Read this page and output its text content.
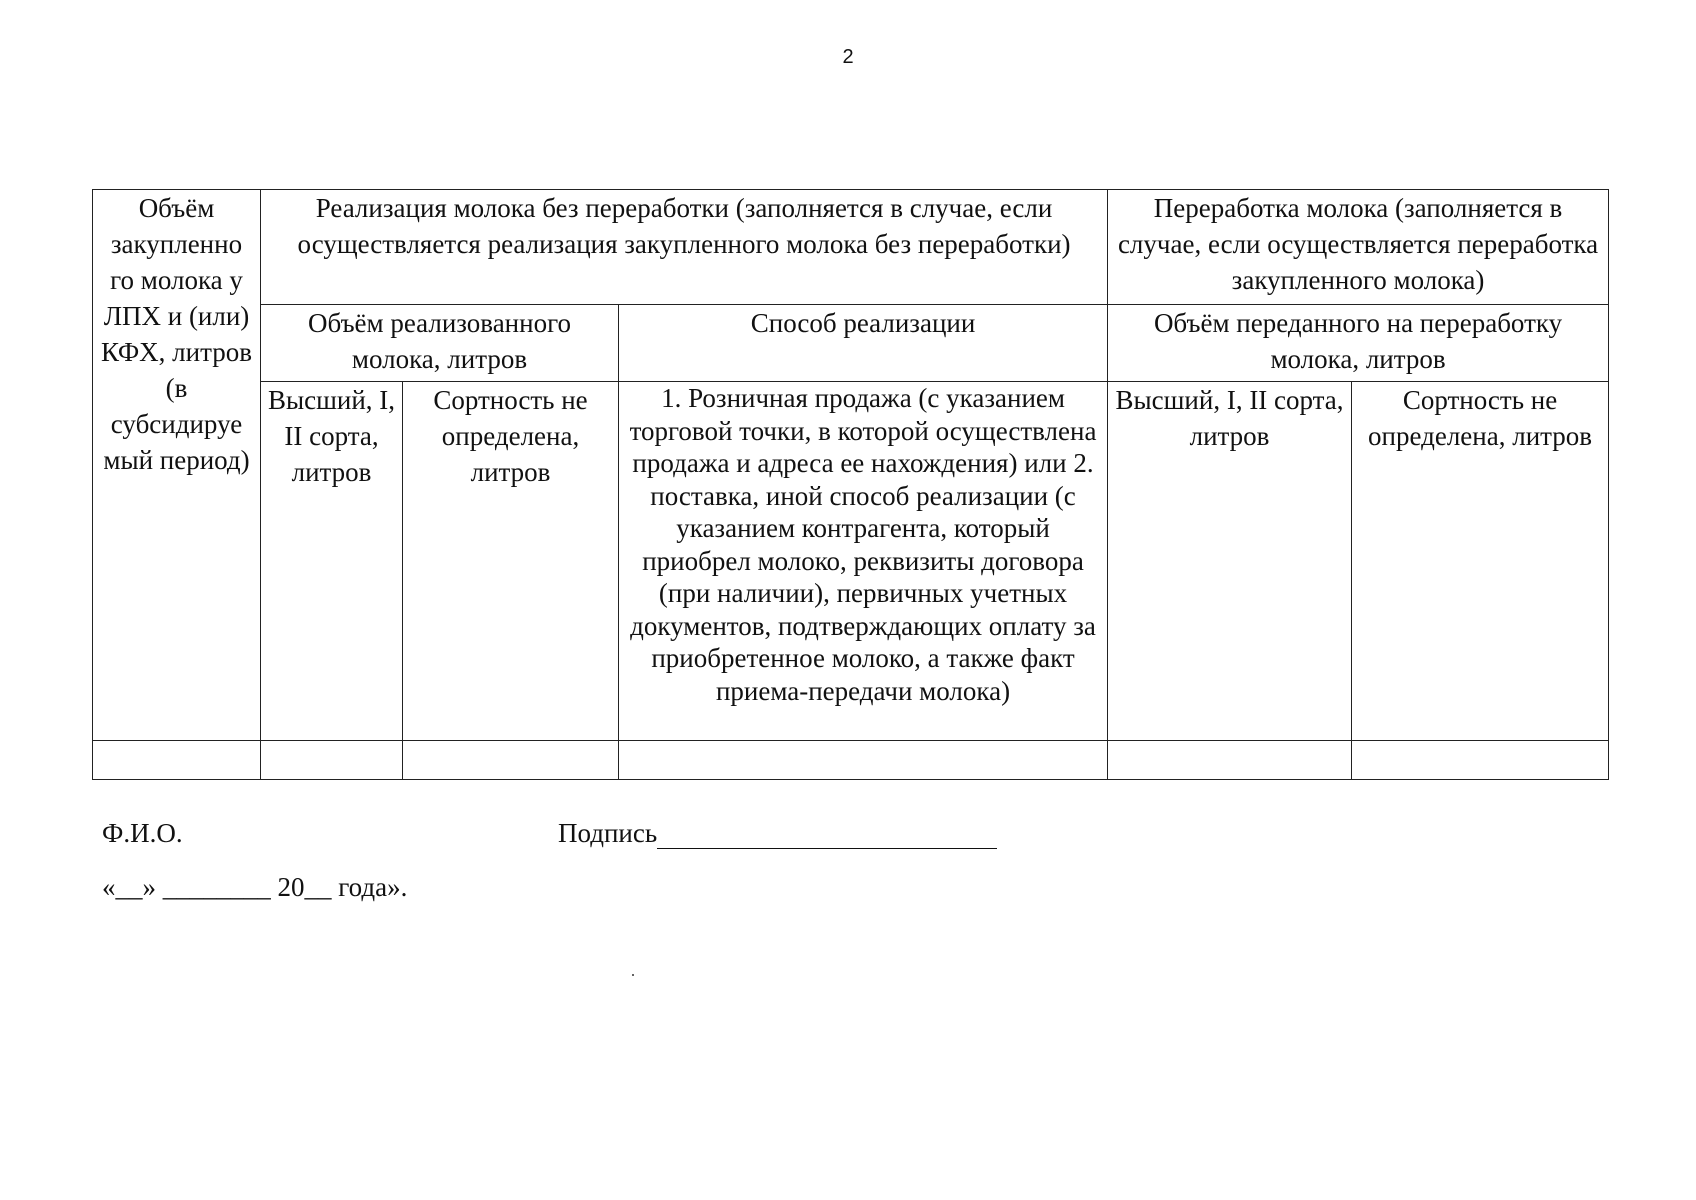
2
Объём закупленно го молока у ЛПХ и (или) КФХ, литров (в субсидируе мый период)	Реализация молока без переработки (заполняется в случае, если осуществляется реализация закупленного молока без переработки)			Переработка молока (заполняется в случае, если осуществляется переработка закупленного молока)	
	Объём реализованного молока, литров		Способ реализации	Объём переданного на переработку молока, литров	
	Высший, I, II сорта, литров	Сортность не определена, литров	1. Розничная продажа (с указанием торговой точки, в которой осуществлена продажа и адреса ее нахождения) или 2. поставка, иной способ реализации (с указанием контрагента, который приобрел молоко, реквизиты договора (при наличии), первичных учетных документов, подтверждающих оплату за приобретенное молоко, а также факт приема-передачи молока)	Высший, I, II сорта, литров	Сортность не определена, литров

Ф.И.О.	Подпись
«__» ________ 20__ года».
